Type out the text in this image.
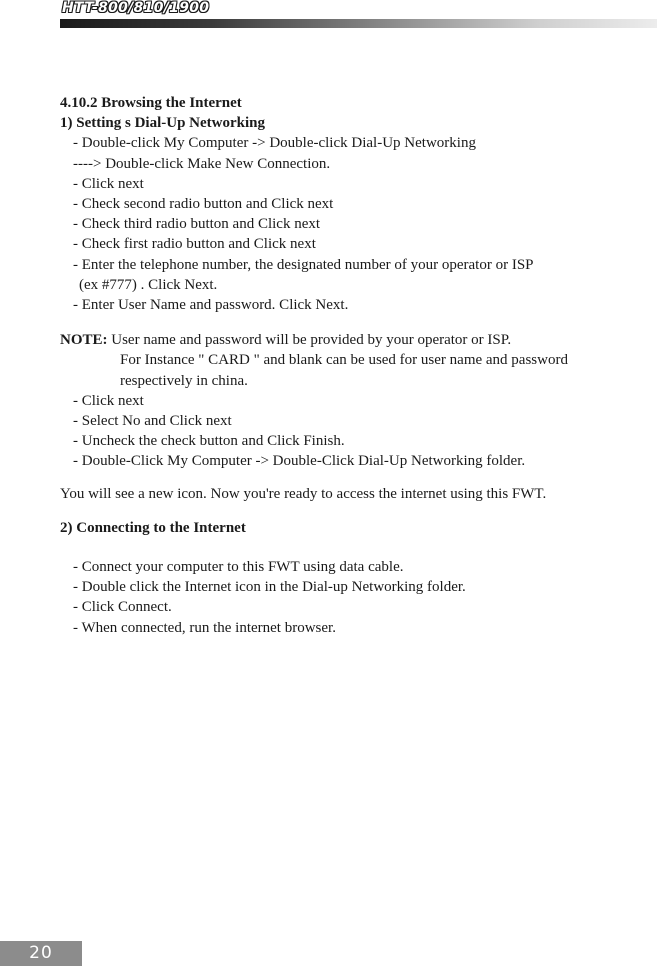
HTT-800/810/1900
4.10.2 Browsing the Internet
1) Setting s Dial-Up Networking
- Double-click My Computer -> Double-click Dial-Up Networking
----> Double-click Make New Connection.
- Click next
- Check second radio button and Click next
- Check third radio button and Click next
- Check first radio button and Click next
- Enter the telephone number, the designated number of your operator or ISP
(ex #777) . Click Next.
- Enter User Name and password. Click Next.
NOTE: User name and password will be provided by your operator or ISP.
For Instance " CARD " and blank can be used for user name and password
respectively in china.
- Click next
- Select No and Click next
- Uncheck the check button and Click Finish.
- Double-Click My Computer -> Double-Click Dial-Up Networking folder.
You will see a new icon. Now you're ready to access the internet using this FWT.
2) Connecting to the Internet
- Connect your computer to this FWT using data cable.
- Double click the Internet icon in the Dial-up Networking folder.
- Click Connect.
- When connected, run the internet browser.
20
